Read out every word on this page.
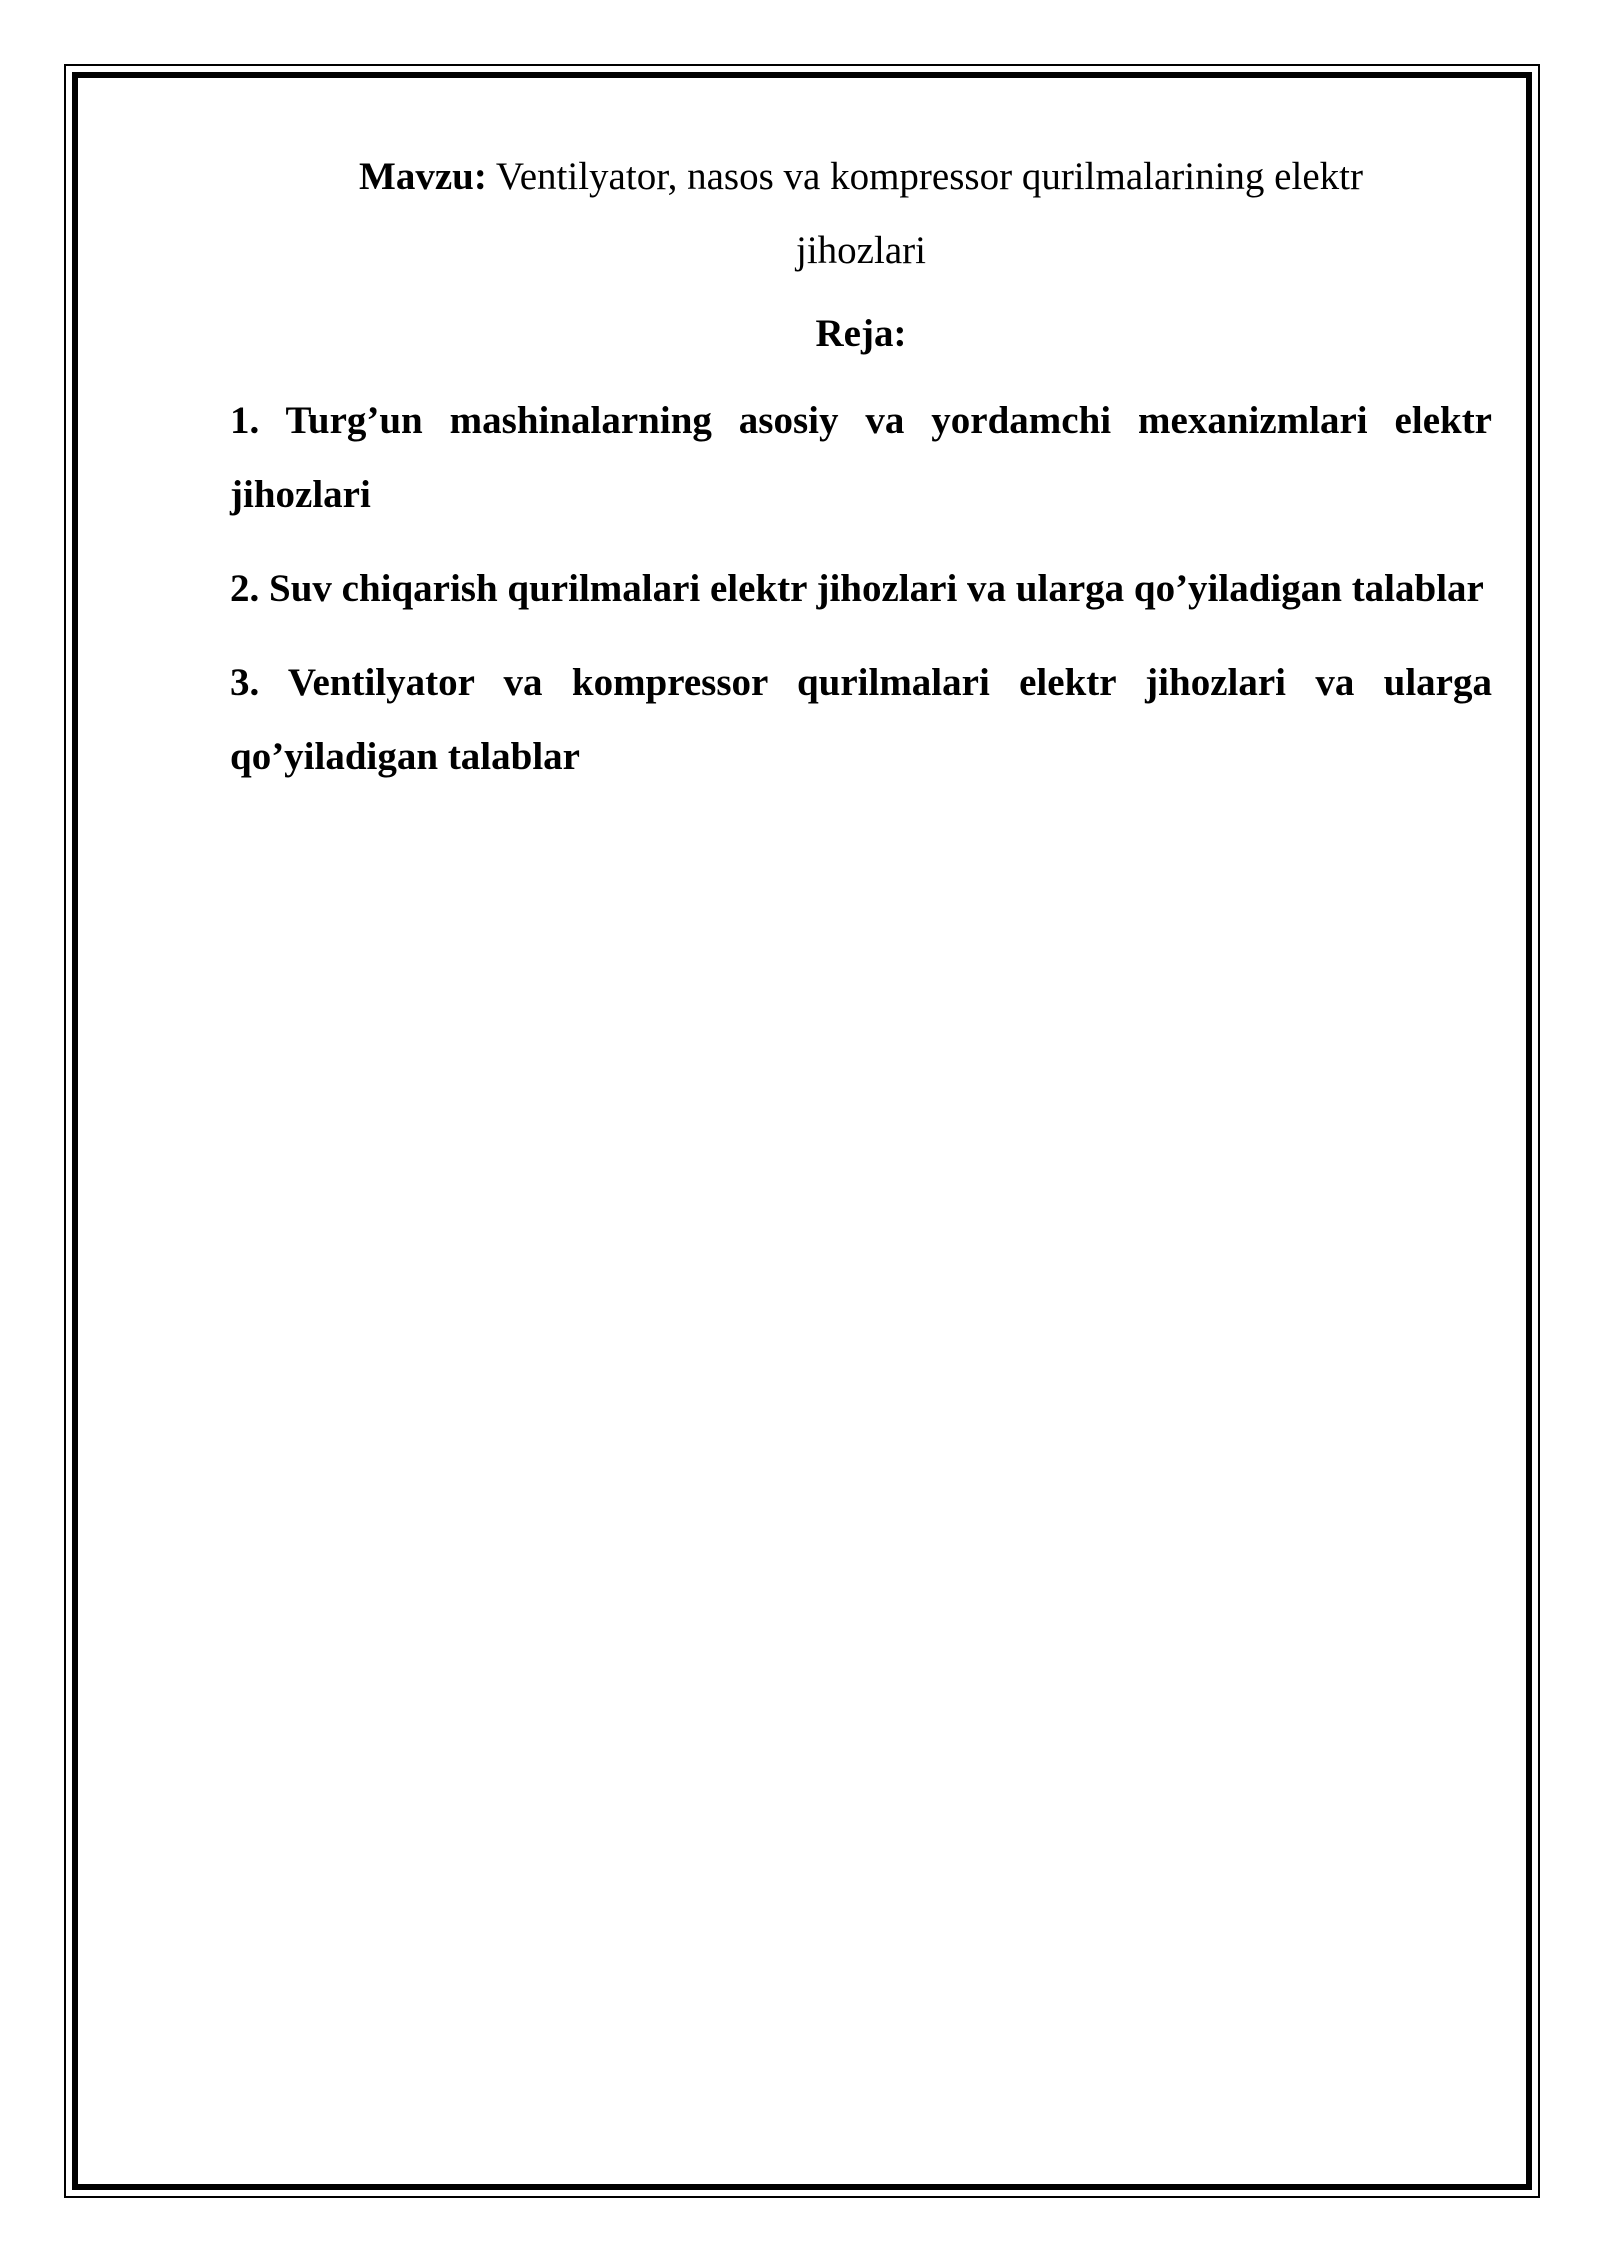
Mavzu: Ventilyator, nasos va kompressor qurilmalarining elektr jihozlari

Reja:

1. Turg’un mashinalarning asosiy va yordamchi mexanizmlari elektr jihozlari
2. Suv chiqarish qurilmalari elektr jihozlari va ularga qo’yiladigan talablar
3. Ventilyator va kompressor qurilmalari elektr jihozlari va ularga qo’yiladigan talablar
